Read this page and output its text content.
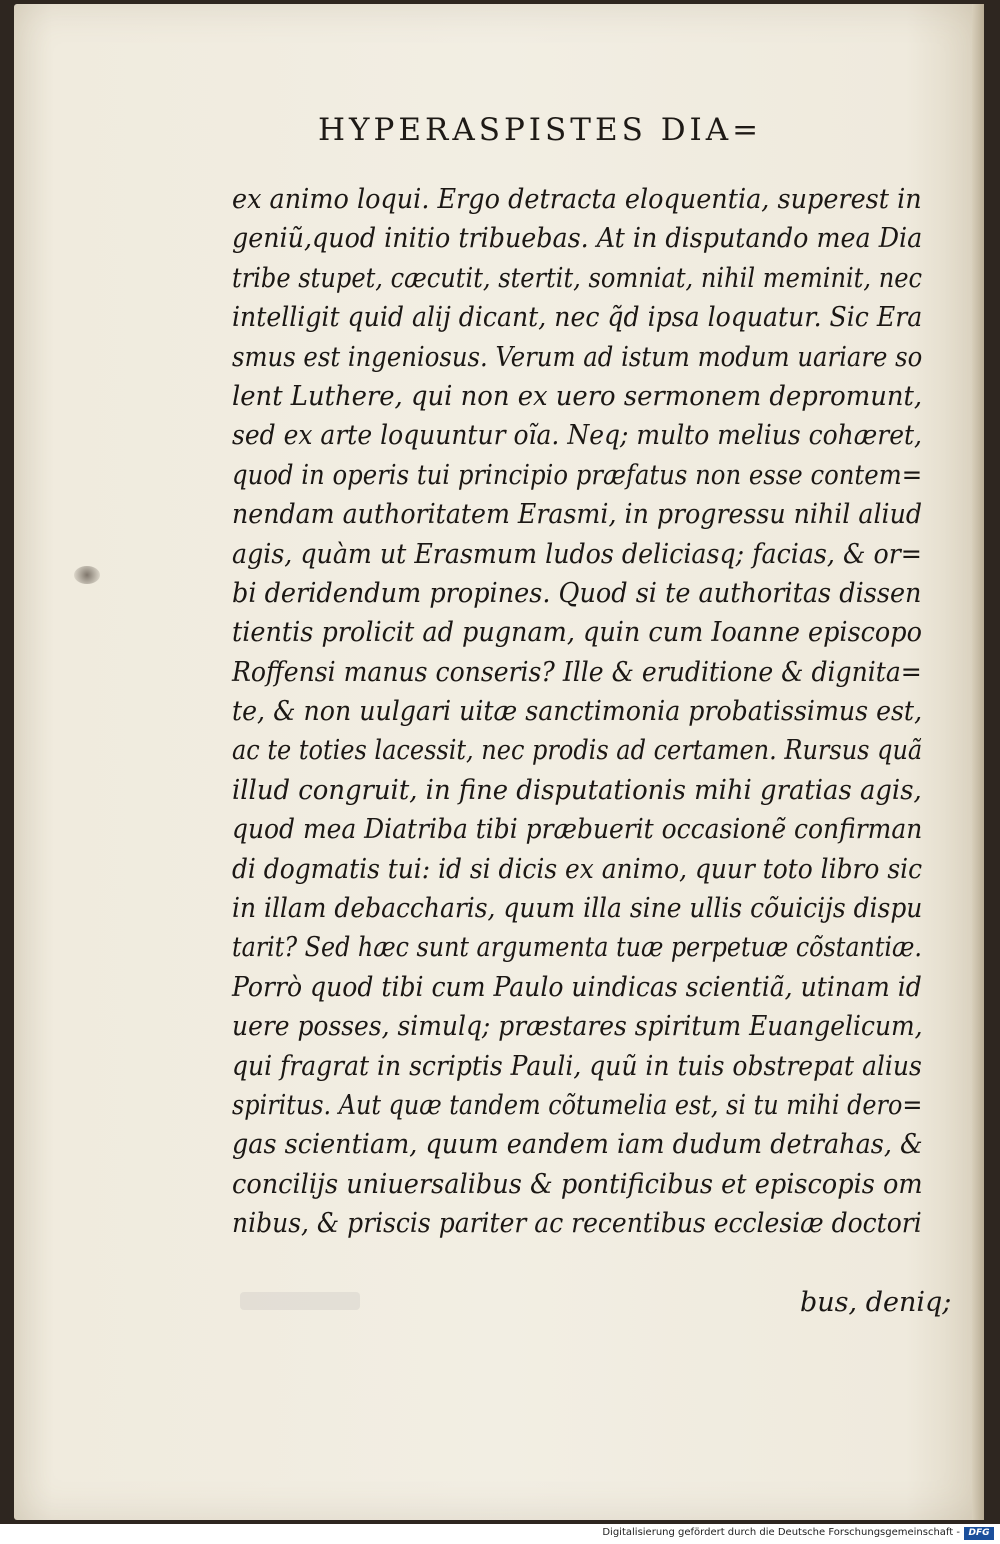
HYPERASPISTES DIA=
ex animo loqui. Ergo detracta eloquentia, superest in
geniũ,quod initio tribuebas. At in disputando mea Dia
tribe stupet, cæcutit, stertit, somniat, nihil meminit, nec
intelligit quid alij dicant, nec q̃d ipsa loquatur. Sic Era
smus est ingeniosus. Verum ad istum modum uariare so
lent Luthere, qui non ex uero sermonem depromunt,
sed ex arte loquuntur oĩa. Neq; multo melius cohæret,
quod in operis tui principio præfatus non esse contem=
nendam authoritatem Erasmi, in progressu nihil aliud
agis, quàm ut Erasmum ludos deliciasq; facias, & or=
bi deridendum propines. Quod si te authoritas dissen
tientis prolicit ad pugnam, quin cum Ioanne episcopo
Roffensi manus conseris? Ille & eruditione & dignita=
te, & non uulgari uitæ sanctimonia probatissimus est,
ac te toties lacessit, nec prodis ad certamen. Rursus quã
illud congruit, in fine disputationis mihi gratias agis,
quod mea Diatriba tibi præbuerit occasionẽ confirman
di dogmatis tui: id si dicis ex animo, quur toto libro sic
in illam debaccharis, quum illa sine ullis cõuicijs dispu
tarit? Sed hæc sunt argumenta tuæ perpetuæ cõstantiæ.
Porrò quod tibi cum Paulo uindicas scientiã, utinam id
uere posses, simulq; præstares spiritum Euangelicum,
qui fragrat in scriptis Pauli, quũ in tuis obstrepat alius
spiritus. Aut quæ tandem cõtumelia est, si tu mihi dero=
gas scientiam, quum eandem iam dudum detrahas, &
concilijs uniuersalibus & pontificibus et episcopis om
nibus, & priscis pariter ac recentibus ecclesiæ doctori
bus, deniq;
Digitalisierung gefördert durch die Deutsche Forschungsgemeinschaft - DFG
